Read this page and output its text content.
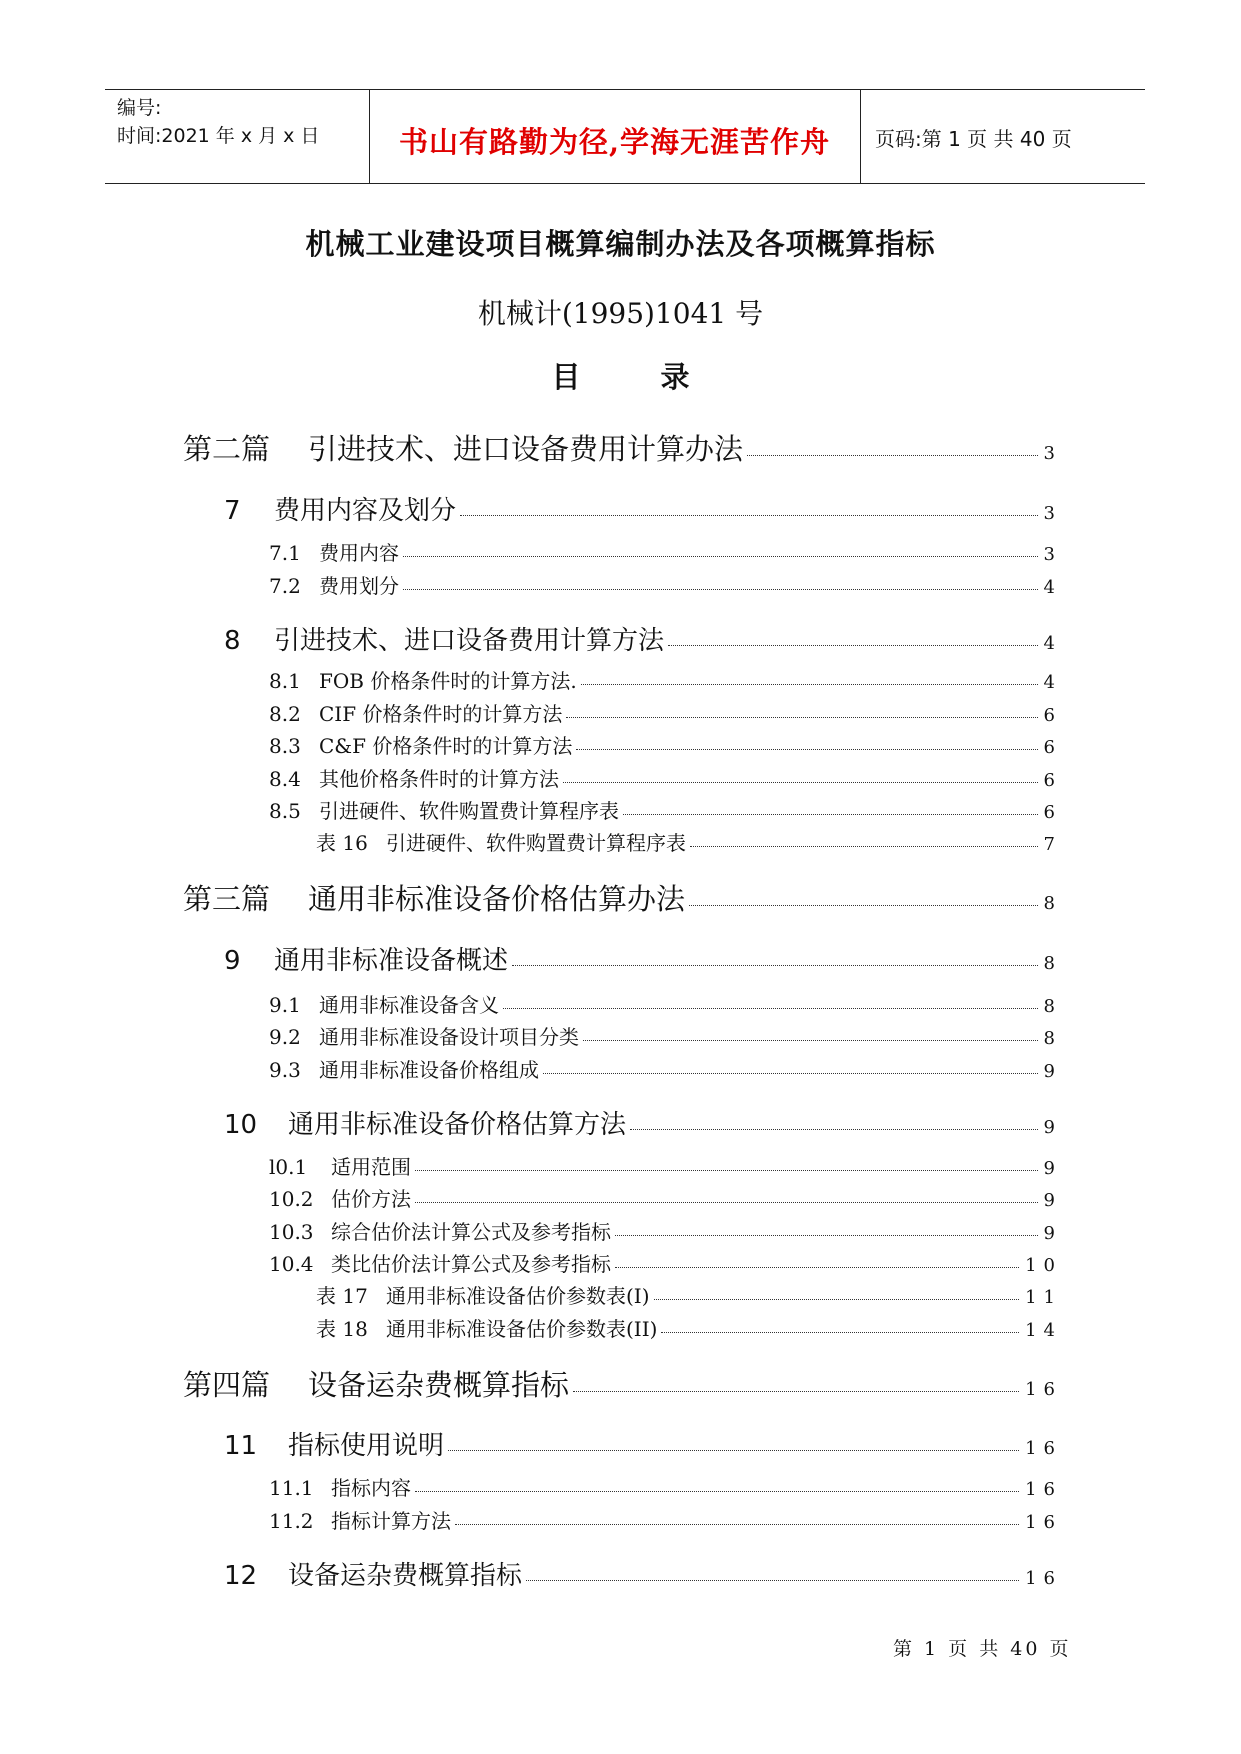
编号:
时间:2021 年 x 月 x 日	书山有路勤为径,学海无涯苦作舟	页码:第 1 页 共 40 页
机械工业建设项目概算编制办法及各项概算指标
机械计(1995)1041 号
目	录
第二篇 引进技术、进口设备费用计算办法	3
7 费用内容及划分	3
7.1 费用内容	3
7.2 费用划分	4
8 引进技术、进口设备费用计算方法	4
8.1 FOB 价格条件时的计算方法.	4
8.2 CIF 价格条件时的计算方法	6
8.3 C&F 价格条件时的计算方法	6
8.4 其他价格条件时的计算方法	6
8.5 引进硬件、软件购置费计算程序表	6
表 16 引进硬件、软件购置费计算程序表	7
第三篇 通用非标准设备价格估算办法	8
9 通用非标准设备概述	8
9.1 通用非标准设备含义	8
9.2 通用非标准设备设计项目分类	8
9.3 通用非标准设备价格组成	9
10 通用非标准设备价格估算方法	9
l0.1 适用范围	9
10.2 估价方法	9
10.3 综合估价法计算公式及参考指标	9
10.4 类比估价法计算公式及参考指标	10
表 17 通用非标准设备估价参数表(I)	11
表 18 通用非标准设备估价参数表(II)	14
第四篇 设备运杂费概算指标	16
11 指标使用说明	16
11.1 指标内容	16
11.2 指标计算方法	16
12 设备运杂费概算指标	16
第 1 页 共 40 页
